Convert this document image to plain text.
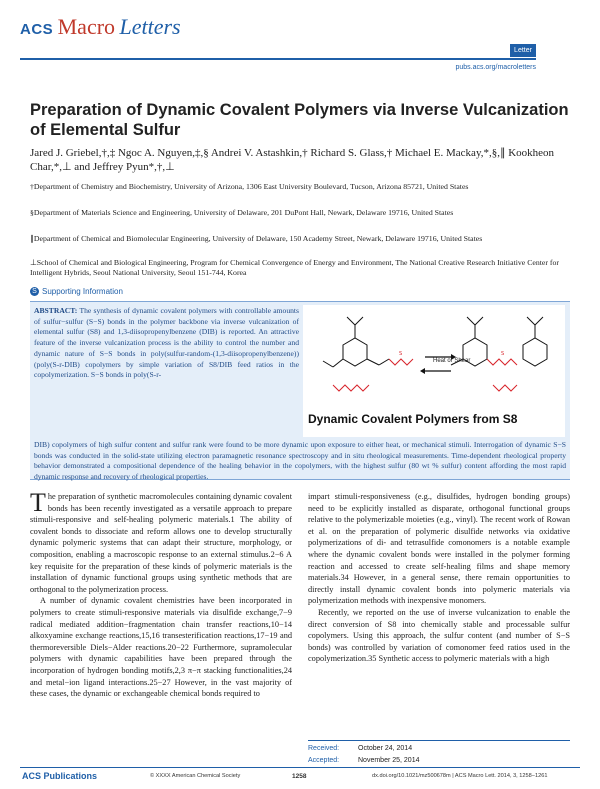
ACS Macro Letters
Letter
pubs.acs.org/macroletters
Preparation of Dynamic Covalent Polymers via Inverse Vulcanization of Elemental Sulfur
Jared J. Griebel,†,‡ Ngoc A. Nguyen,‡,§ Andrei V. Astashkin,† Richard S. Glass,† Michael E. Mackay,*,§,∥ Kookheon Char,*,⊥ and Jeffrey Pyun*,†,⊥
†Department of Chemistry and Biochemistry, University of Arizona, 1306 East University Boulevard, Tucson, Arizona 85721, United States
§Department of Materials Science and Engineering, University of Delaware, 201 DuPont Hall, Newark, Delaware 19716, United States
∥Department of Chemical and Biomolecular Engineering, University of Delaware, 150 Academy Street, Newark, Delaware 19716, United States
⊥School of Chemical and Biological Engineering, Program for Chemical Convergence of Energy and Environment, The National Creative Research Initiative Center for Intelligent Hybrids, Seoul National University, Seoul 151-744, Korea
S Supporting Information
ABSTRACT: The synthesis of dynamic covalent polymers with controllable amounts of sulfur−sulfur (S−S) bonds in the polymer backbone via inverse vulcanization of elemental sulfur (S8) and 1,3-diisopropenylbenzene (DIB) is reported. An attractive feature of the inverse vulcanization process is the ability to control the number and dynamic nature of S−S bonds in poly(sulfur-random-(1,3-diisopropenylbenzene)) (poly(S-r-DIB) copolymers by simple variation of S8/DIB feed ratios in the copolymerization. S−S bonds in poly(S-r-
DIB) copolymers of high sulfur content and sulfur rank were found to be more dynamic upon exposure to either heat, or mechanical stimuli. Interrogation of dynamic S−S bonds was conducted in the solid-state utilizing electron paramagnetic resonance spectroscopy and in situ rheological measurements. Time-dependent rheological property behavior demonstrated a compositional dependence of the healing behavior in the copolymers, with the highest sulfur (80 wt % sulfur) content affording the most rapid dynamic response and recovery of rheological properties.
S	S
Heat or Shear
Dynamic Covalent Polymers from S8
The preparation of synthetic macromolecules containing dynamic covalent bonds has been recently investigated as a versatile approach to prepare stimuli-responsive and self-healing polymeric materials.1 The ability of covalent bonds to dissociate and reform allows one to develop structurally dynamic polymeric systems that can adapt their structure, morphology, or composition, enabling a macroscopic response to an external stimulus.2−6 A key requisite for the preparation of these kinds of polymeric materials is the installation of dynamic functional groups using synthetic methods that are orthogonal to the polymerization process.
A number of dynamic covalent chemistries have been incorporated in polymers to create stimuli-responsive materials via disulfide exchange,7−9 radical mediated addition−fragmentation chain transfer reactions,10−14 alkoxyamine exchange reactions,15,16 transesterification reactions,17−19 and thermoreversible Diels−Alder reactions.20−22 Furthermore, supramolecular polymers with dynamic capabilities have been prepared through the incorporation of hydrogen bonding motifs,2,3 π−π stacking functionalities,24 and metal−ion ligand interactions.25−27 However, in the vast majority of these cases, the dynamic or exchangeable chemical bonds required to
impart stimuli-responsiveness (e.g., disulfides, hydrogen bonding groups) need to be explicitly installed as disparate, orthogonal functional groups relative to the polymerizable moieties (e.g., vinyl). The recent work of Rowan et al. on the preparation of polymeric disulfide networks via oxidative polymerizations of di- and tetrasulfide comonomers is a notable example where the dynamic covalent bonds were installed in the polymer forming reaction and accessed to create self-healing films and shape memory materials.34 However, in a general sense, there remain opportunities to directly install dynamic covalent bonds into polymeric materials via polymerization methods with inexpensive monomers.
Recently, we reported on the use of inverse vulcanization to enable the direct conversion of S8 into chemically stable and processable sulfur copolymers. Using this approach, the sulfur content (and number of S−S bonds) was controlled by variation of comonomer feed ratios used in the copolymerization.35 Synthetic access to polymeric materials with a high
Received:	October 24, 2014
Accepted:	November 25, 2014
ACS Publications	© XXXX American Chemical Society	1258	dx.doi.org/10.1021/mz500678m | ACS Macro Lett. 2014, 3, 1258−1261
